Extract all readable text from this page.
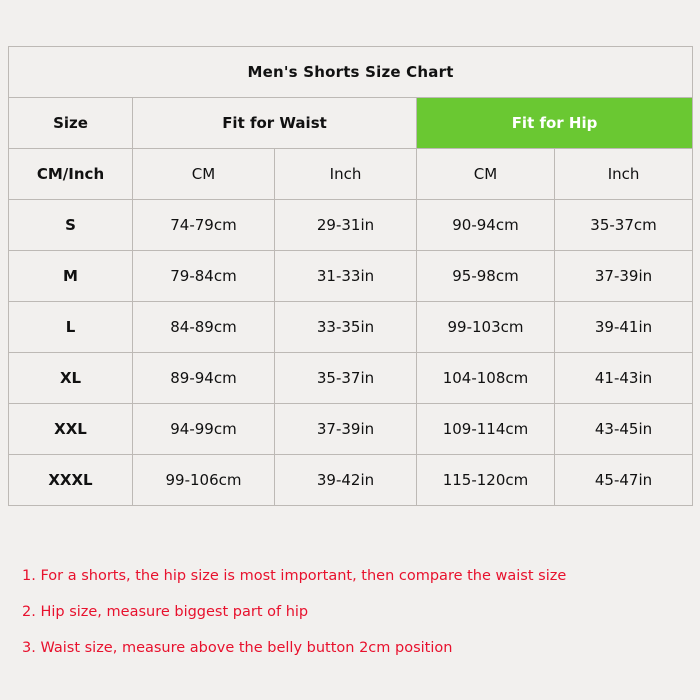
Men's Shorts Size Chart				
Size	Fit for Waist		Fit for Hip	
CM/Inch	CM	Inch	CM	Inch
S	74-79cm	29-31in	90-94cm	35-37cm
M	79-84cm	31-33in	95-98cm	37-39in
L	84-89cm	33-35in	99-103cm	39-41in
XL	89-94cm	35-37in	104-108cm	41-43in
XXL	94-99cm	37-39in	109-114cm	43-45in
XXXL	99-106cm	39-42in	115-120cm	45-47in
1. For a shorts, the hip size is most important, then compare the waist size
2. Hip size, measure biggest part of hip
3. Waist size, measure above the belly button 2cm position
